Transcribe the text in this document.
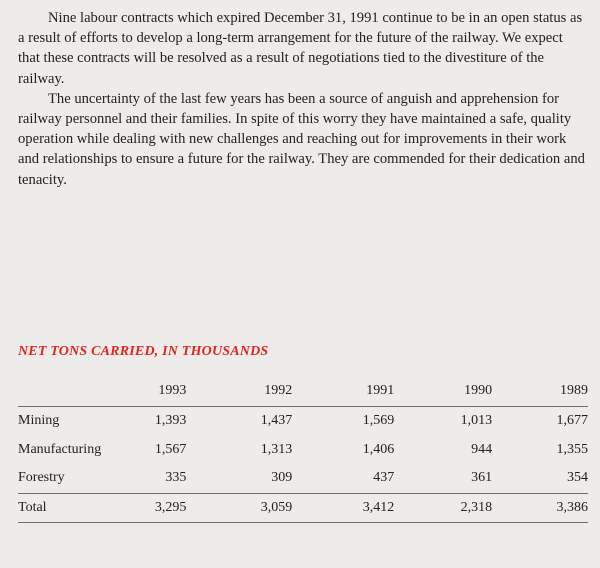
Nine labour contracts which expired December 31, 1991 continue to be in an open status as a result of efforts to develop a long-term arrangement for the future of the railway. We expect that these contracts will be resolved as a result of negotiations tied to the divestiture of the railway.

The uncertainty of the last few years has been a source of anguish and apprehension for railway personnel and their families. In spite of this worry they have maintained a safe, quality operation while dealing with new challenges and reaching out for improvements in their work and relationships to ensure a future for the railway. They are commended for their dedication and tenacity.

NET TONS CARRIED, IN THOUSANDS
	1993	1992	1991	1990	1989
Mining	1,393	1,437	1,569	1,013	1,677
Manufacturing	1,567	1,313	1,406	944	1,355
Forestry	335	309	437	361	354
Total	3,295	3,059	3,412	2,318	3,386
